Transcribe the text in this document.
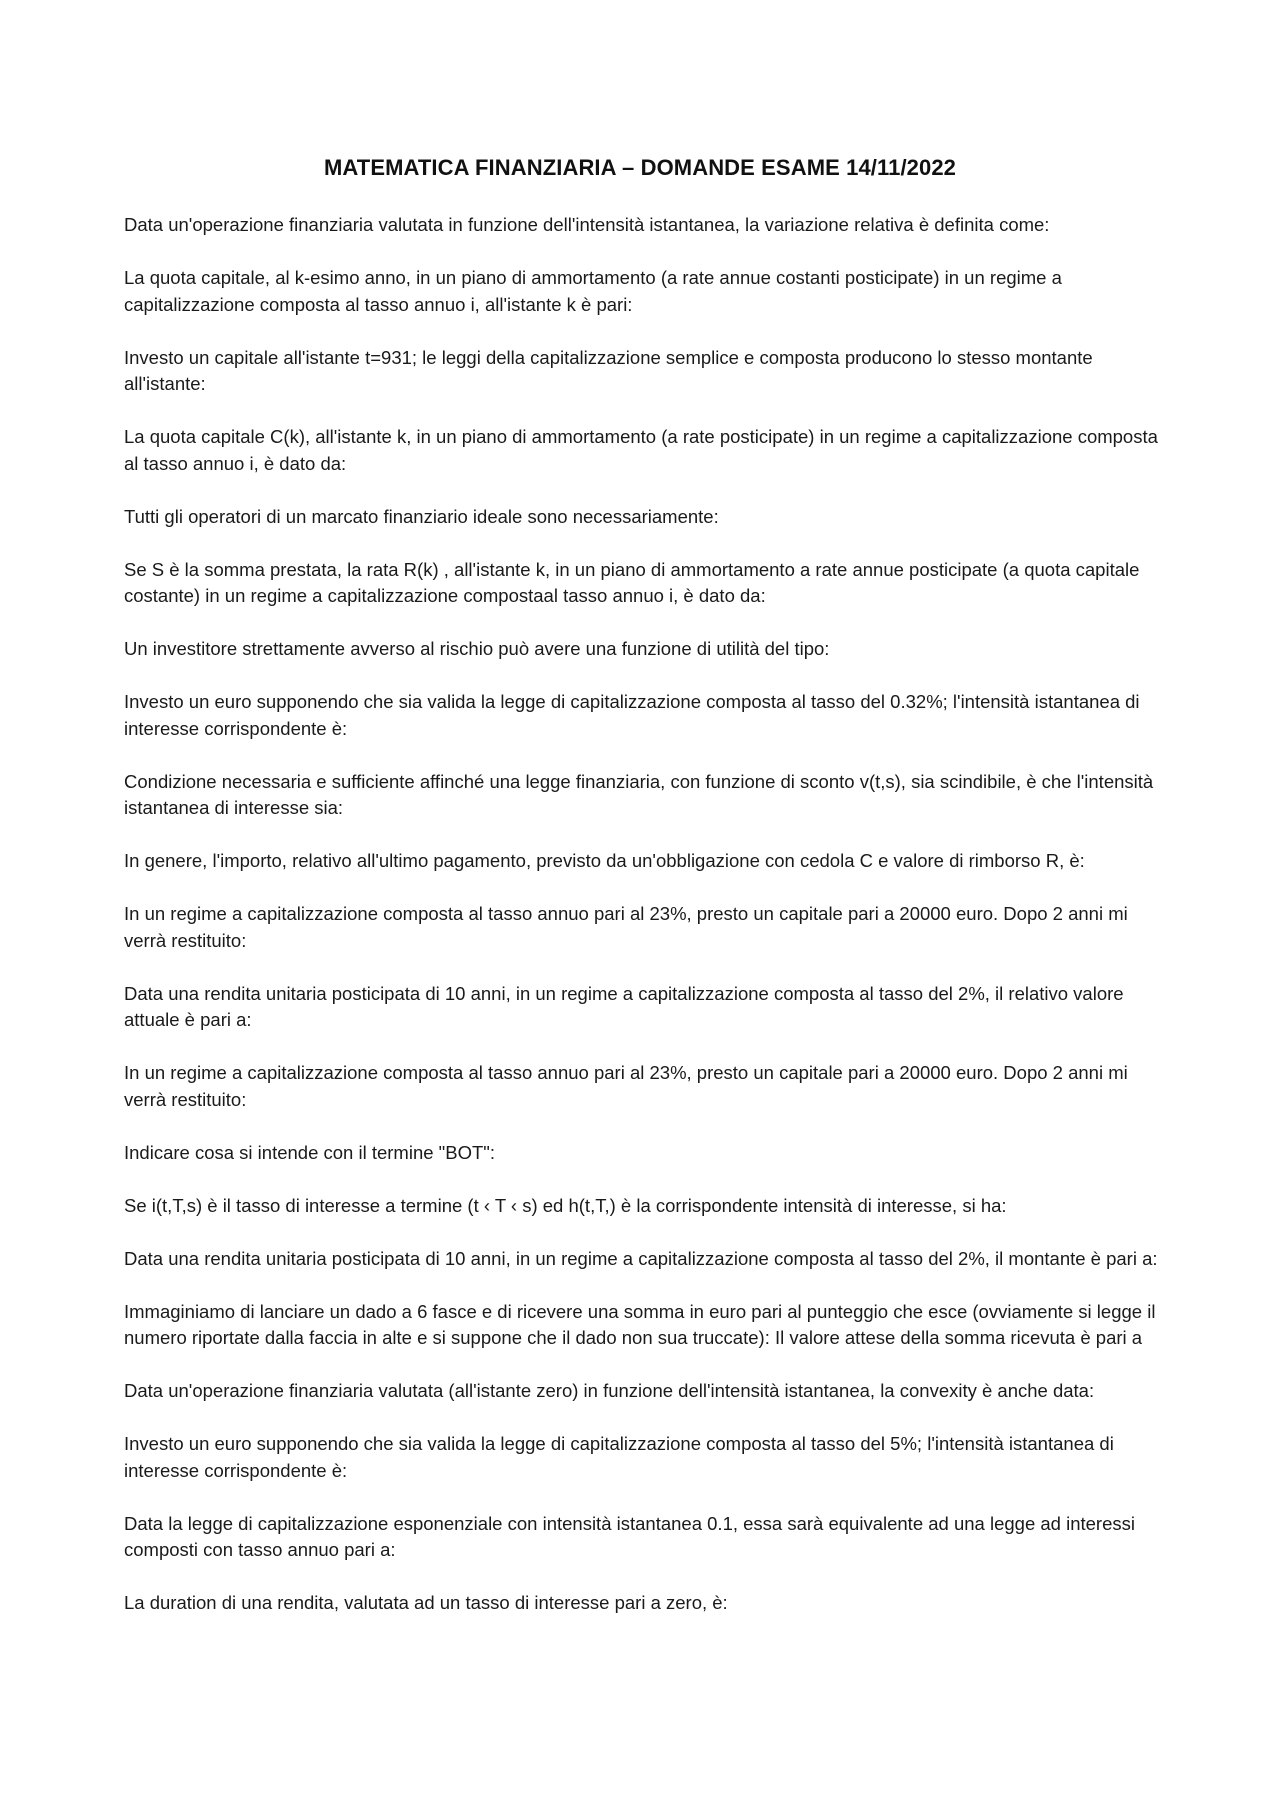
MATEMATICA FINANZIARIA – DOMANDE ESAME 14/11/2022
Data un'operazione finanziaria valutata in funzione dell'intensità istantanea, la variazione relativa è definita come:
La quota capitale, al k-esimo anno, in un piano di ammortamento (a rate annue costanti posticipate) in un regime a capitalizzazione composta al tasso annuo i, all'istante k è pari:
Investo un capitale all'istante t=931; le leggi della capitalizzazione semplice e composta producono lo stesso montante all'istante:
La quota capitale C(k), all'istante k, in un piano di ammortamento (a rate posticipate) in un regime a capitalizzazione composta al tasso annuo i, è dato da:
Tutti gli operatori di un marcato finanziario ideale sono necessariamente:
Se S è la somma prestata, la rata R(k) , all'istante k, in un piano di ammortamento a rate annue posticipate (a quota capitale costante) in un regime a capitalizzazione compostaal tasso annuo i, è dato da:
Un investitore strettamente avverso al rischio può avere una funzione di utilità del tipo:
Investo un euro supponendo che sia valida la legge di capitalizzazione composta al tasso del 0.32%; l'intensità istantanea di interesse corrispondente è:
Condizione necessaria e sufficiente affinché una legge finanziaria, con funzione di sconto v(t,s), sia scindibile, è che l'intensità istantanea di interesse sia:
In genere, l'importo, relativo all'ultimo pagamento, previsto da un'obbligazione con cedola C e valore di rimborso R, è:
In un regime a capitalizzazione composta al tasso annuo pari al 23%, presto un capitale pari a 20000 euro. Dopo 2 anni mi verrà restituito:
Data una rendita unitaria posticipata di 10 anni, in un regime a capitalizzazione composta al tasso del 2%, il relativo valore attuale è pari a:
In un regime a capitalizzazione composta al tasso annuo pari al 23%, presto un capitale pari a 20000 euro. Dopo 2 anni mi verrà restituito:
Indicare cosa si intende con il termine "BOT":
Se i(t,T,s) è il tasso di interesse a termine (t ‹ T ‹ s) ed h(t,T,) è la corrispondente intensità di interesse, si ha:
Data una rendita unitaria posticipata di 10 anni, in un regime a capitalizzazione composta al tasso del 2%, il montante è pari a:
Immaginiamo di lanciare un dado a 6 fasce e di ricevere una somma in euro pari al punteggio che esce (ovviamente si legge il numero riportate dalla faccia in alte e si suppone che il dado non sua truccate): Il valore attese della somma ricevuta è pari a
Data un'operazione finanziaria valutata (all'istante zero) in funzione dell'intensità istantanea, la convexity è anche data:
Investo un euro supponendo che sia valida la legge di capitalizzazione composta al tasso del 5%; l'intensità istantanea di interesse corrispondente è:
Data la legge di capitalizzazione esponenziale con intensità istantanea 0.1, essa sarà equivalente ad una legge ad interessi composti con tasso annuo pari a:
La duration di una rendita, valutata ad un tasso di interesse pari a zero, è:
